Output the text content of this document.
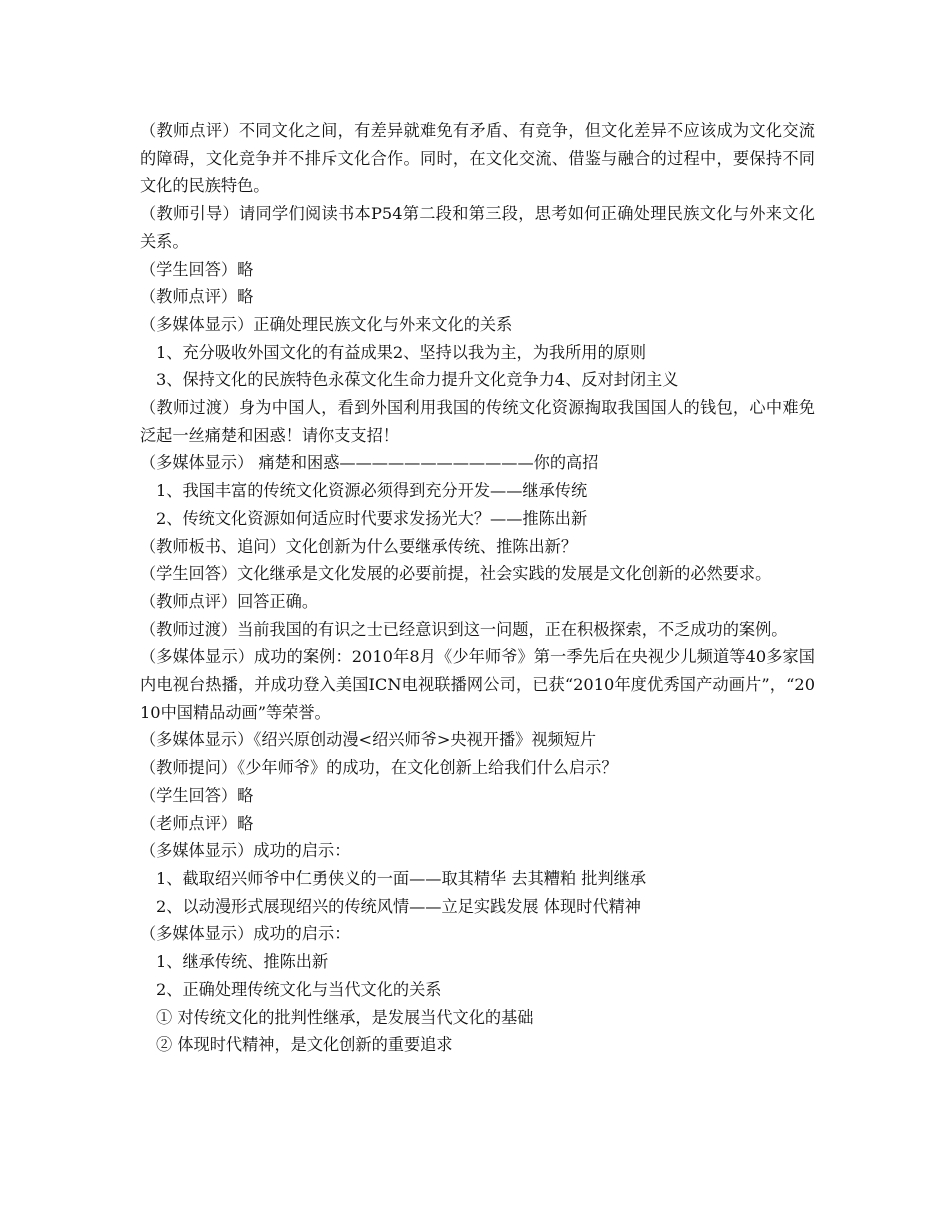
（教师点评）不同文化之间，有差异就难免有矛盾、有竞争，但文化差异不应该成为文化交流的障碍，文化竞争并不排斥文化合作。同时，在文化交流、借鉴与融合的过程中，要保持不同文化的民族特色。

（教师引导）请同学们阅读书本P54第二段和第三段，思考如何正确处理民族文化与外来文化关系。

（学生回答）略

（教师点评）略

（多媒体显示）正确处理民族文化与外来文化的关系

1、充分吸收外国文化的有益成果2、坚持以我为主，为我所用的原则

3、保持文化的民族特色永葆文化生命力提升文化竞争力4、反对封闭主义

（教师过渡）身为中国人，看到外国利用我国的传统文化资源掏取我国国人的钱包，心中难免泛起一丝痛楚和困惑！请你支支招！

（多媒体显示） 痛楚和困惑————————————你的高招

1、我国丰富的传统文化资源必须得到充分开发——继承传统

2、传统文化资源如何适应时代要求发扬光大？——推陈出新

（教师板书、追问）文化创新为什么要继承传统、推陈出新？

（学生回答）文化继承是文化发展的必要前提，社会实践的发展是文化创新的必然要求。

（教师点评）回答正确。

（教师过渡）当前我国的有识之士已经意识到这一问题，正在积极探索，不乏成功的案例。

（多媒体显示）成功的案例：2010年8月《少年师爷》第一季先后在央视少儿频道等40多家国内电视台热播，并成功登入美国ICN电视联播网公司，已获“2010年度优秀国产动画片”，“2010中国精品动画”等荣誉。

（多媒体显示）《绍兴原创动漫<绍兴师爷>央视开播》视频短片

（教师提问）《少年师爷》的成功，在文化创新上给我们什么启示？

（学生回答）略

（老师点评）略

（多媒体显示）成功的启示：

1、截取绍兴师爷中仁勇侠义的一面——取其精华 去其糟粕 批判继承

2、以动漫形式展现绍兴的传统风情——立足实践发展 体现时代精神

（多媒体显示）成功的启示：

1、继承传统、推陈出新

2、正确处理传统文化与当代文化的关系

① 对传统文化的批判性继承，是发展当代文化的基础

② 体现时代精神，是文化创新的重要追求
